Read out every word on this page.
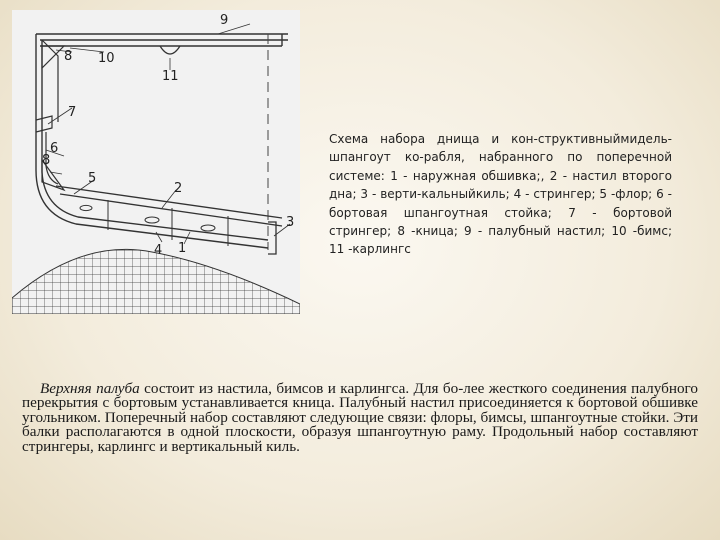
9
8 10
11
7
6
8
5
2
3
4 1

Схема набора днища и кон-структивныймидель-шпангоут ко-рабля, набранного по поперечной системе: 1 - наружная обшивка;, 2 - настил второго дна; 3 - верти-кальныйкиль; 4 - стрингер; 5 -флор; 6 - бортовая шпангоутная стойка; 7 - бортовой стрингер; 8 -кница; 9 - палубный настил; 10 -бимс; 11 -карлингс

Верхняя палуба состоит из настила, бимсов и карлингса. Для бо-лее жесткого соединения палубного перекрытия с бортовым устанавливается кница. Палубный настил присоединяется к бортовой обшивке угольником. Поперечный набор составляют следующие связи: флоры, бимсы, шпангоутные стойки. Эти балки располагаются в одной плоскости, образуя шпангоутную раму. Продольный набор составляют стрингеры, карлингс и вертикальный киль.
